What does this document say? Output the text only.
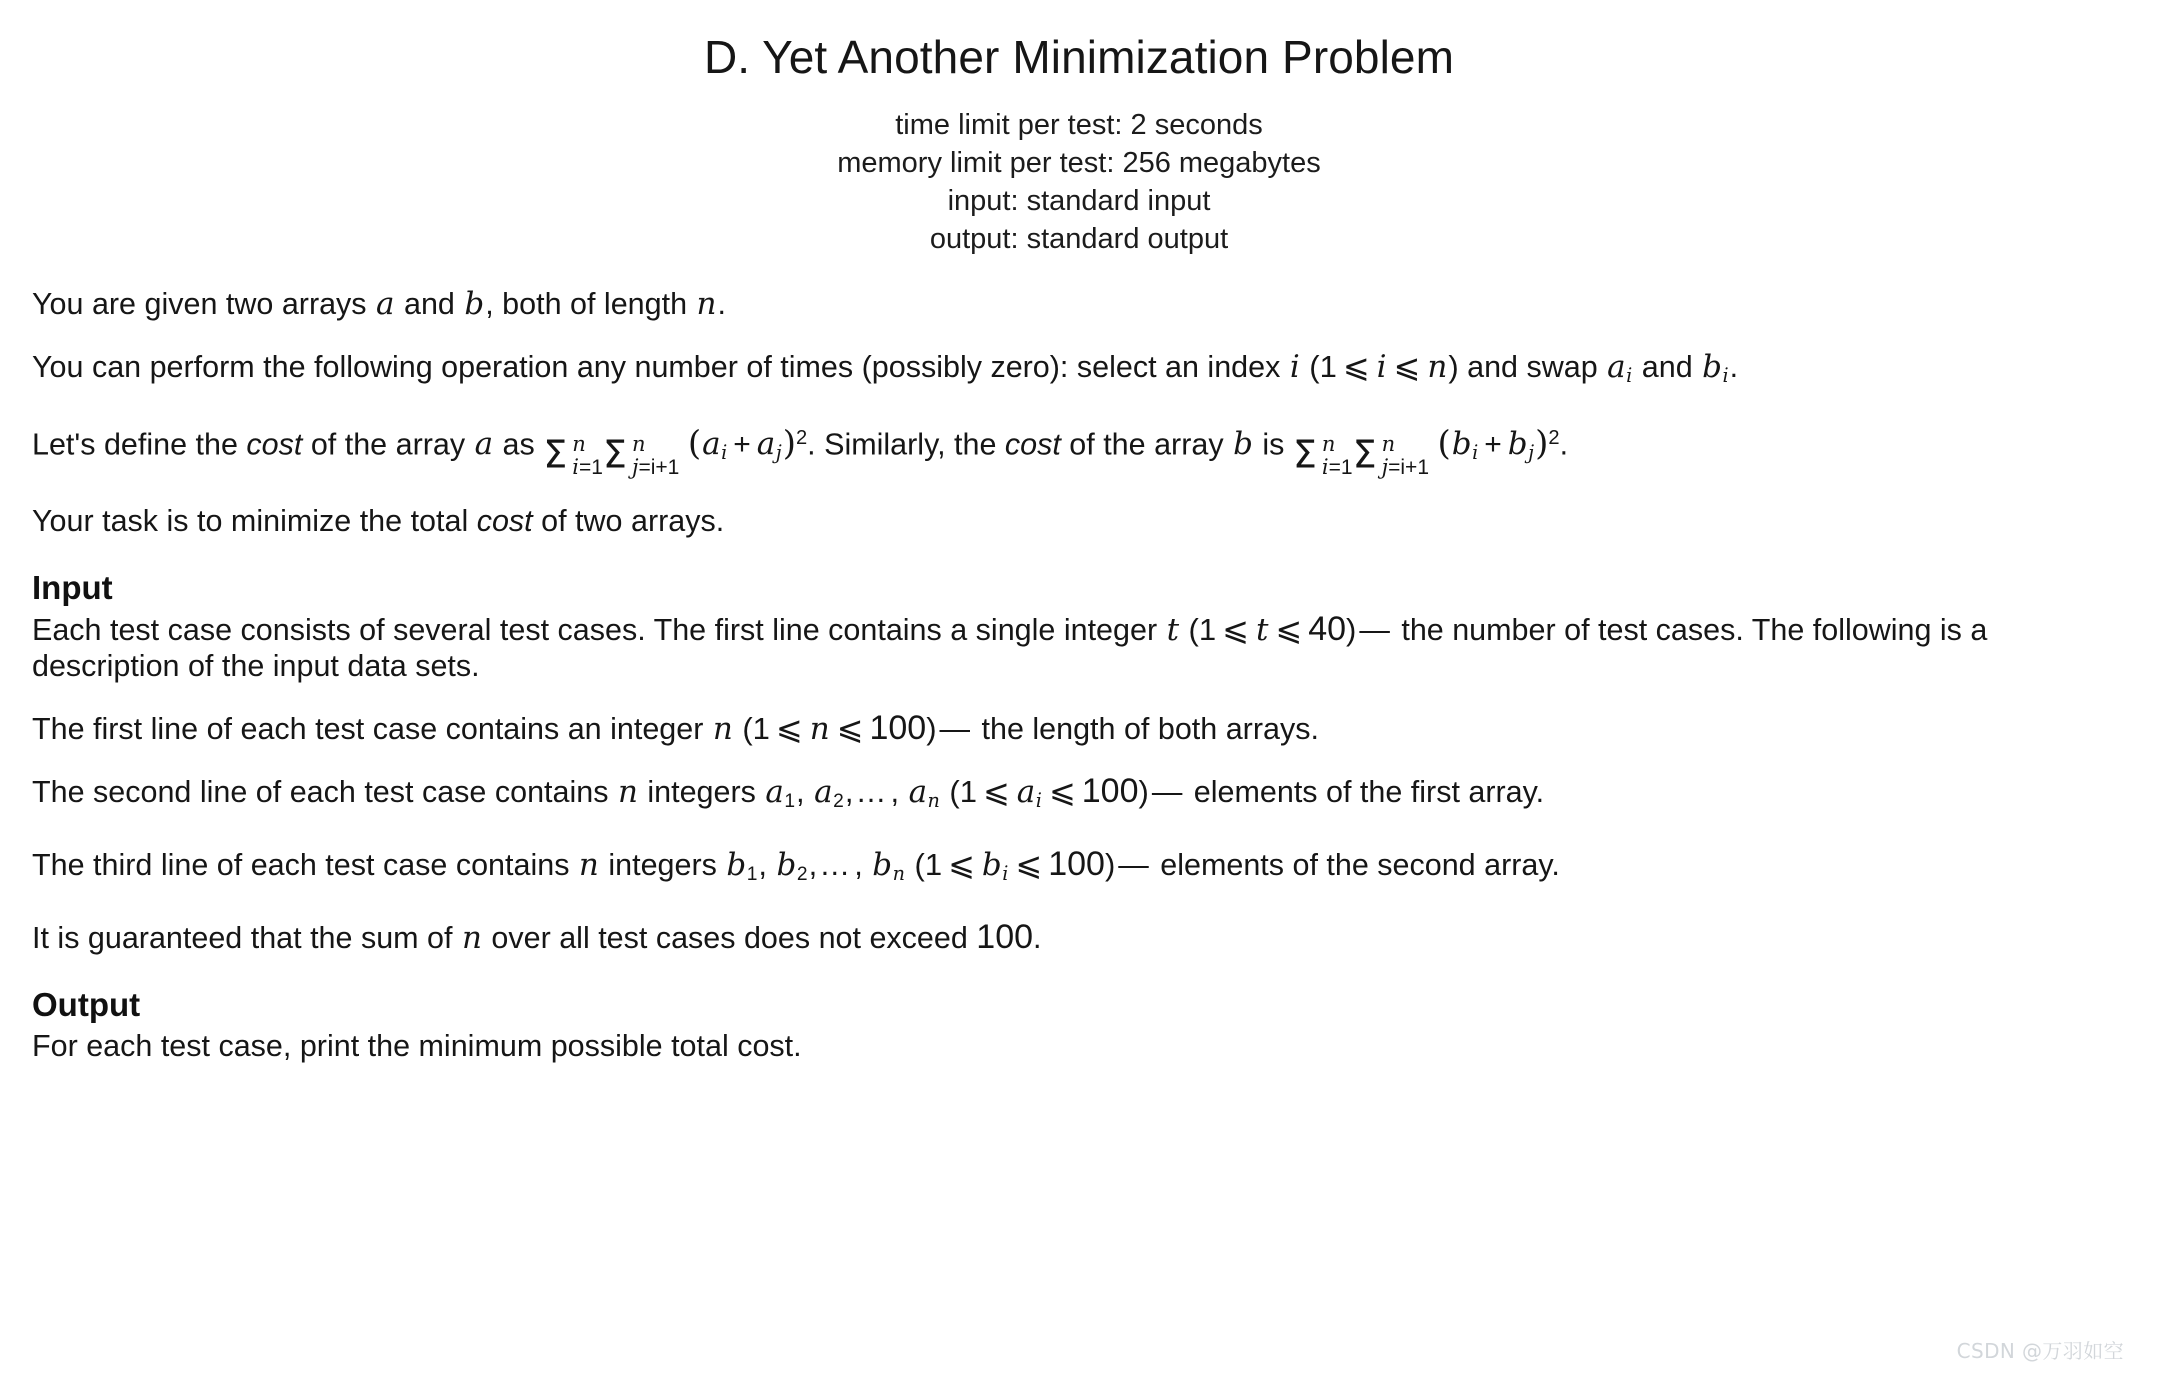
D. Yet Another Minimization Problem
time limit per test: 2 seconds
memory limit per test: 256 megabytes
input: standard input
output: standard output

You are given two arrays a and b, both of length n.

You can perform the following operation any number of times (possibly zero): select an index i (1 ⩽ i ⩽ n) and swap $a_i$ and $b_i$.

Let's define the cost of the array a as Σ n
i=1 Σ n
j=i+1
$(a_i + a_j)^2$. Similarly, the cost of the array b is Σ n
i=1 Σ n
j=i+1
$(b_i + b_j)^2$.

Your task is to minimize the total cost of two arrays.

Input

Each test case consists of several test cases. The first line contains a single integer t (1 ⩽ t ⩽ 40)— the number of test cases. The following is a description of the input data sets.

The first line of each test case contains an integer n (1 ⩽ n ⩽ 100)— the length of both arrays.

The second line of each test case contains n integers $a_1$, $a_2,\dots$, $a_n$ (1 ⩽ $a_i$ ⩽ 100)— elements of the first array.

The third line of each test case contains n integers $b_1$, $b_2,\dots$, $b_n$ (1 ⩽ $b_i$ ⩽ 100)— elements of the second array.

It is guaranteed that the sum of n over all test cases does not exceed 100.

Output

For each test case, print the minimum possible total cost.

CSDN @万羽如空
